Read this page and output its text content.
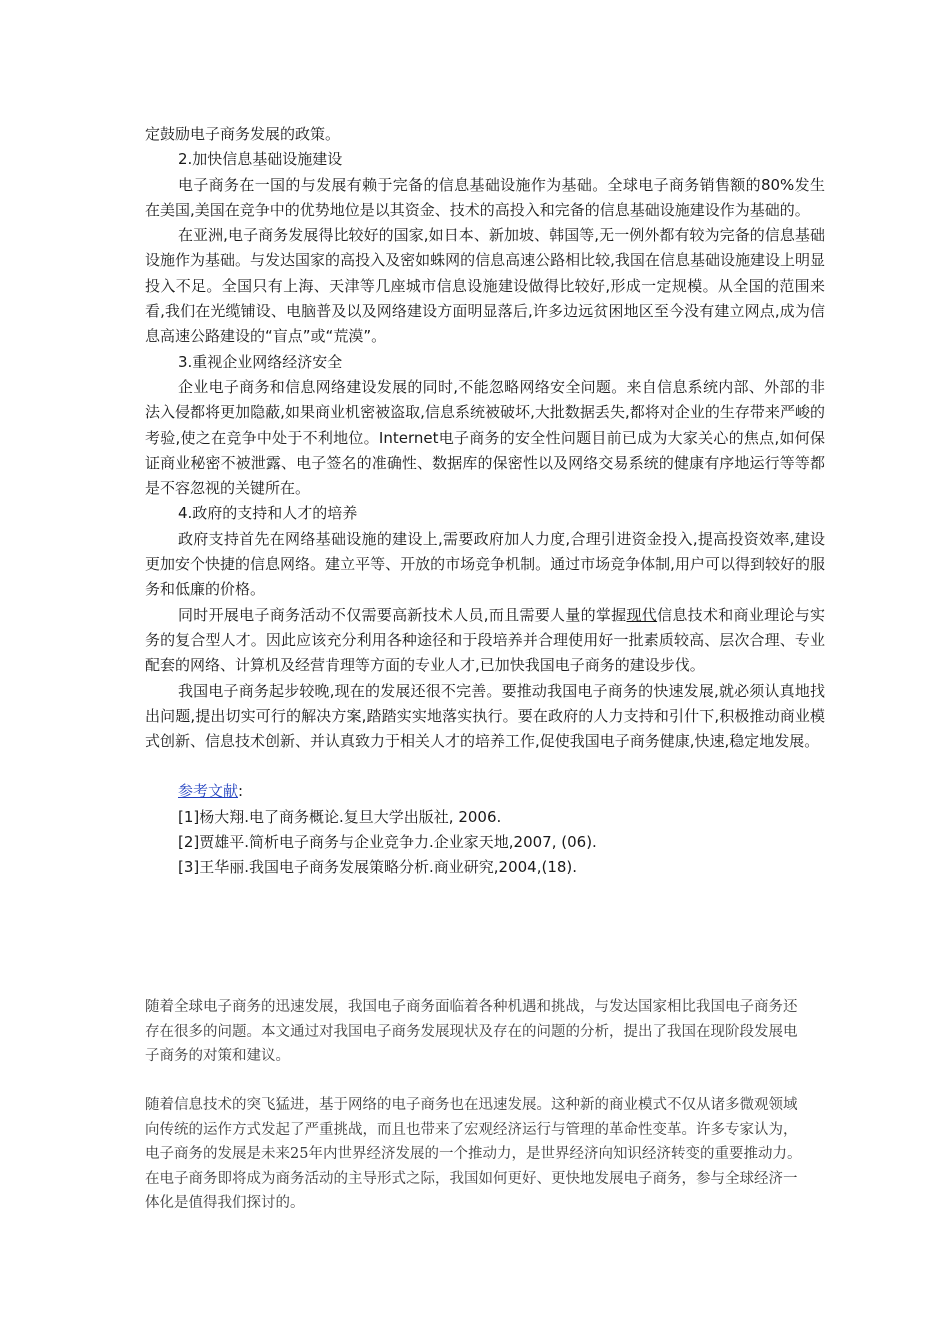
定鼓励电子商务发展的政策。

2.加快信息基础设施建设

电子商务在一国的与发展有赖于完备的信息基础设施作为基础。全球电子商务销售额的80%发生在美国,美国在竞争中的优势地位是以其资金、技术的高投入和完备的信息基础设施建设作为基础的。

在亚洲,电子商务发展得比较好的国家,如日本、新加坡、韩国等,无一例外都有较为完备的信息基础设施作为基础。与发达国家的高投入及密如蛛网的信息高速公路相比较,我国在信息基础设施建设上明显投入不足。全国只有上海、天津等几座城市信息设施建设做得比较好,形成一定规模。从全国的范围来看,我们在光缆铺设、电脑普及以及网络建设方面明显落后,许多边远贫困地区至今没有建立网点,成为信息高速公路建设的“盲点”或“荒漠”。

3.重视企业网络经济安全

企业电子商务和信息网络建设发展的同时,不能忽略网络安全问题。来自信息系统内部、外部的非法入侵都将更加隐蔽,如果商业机密被盗取,信息系统被破坏,大批数据丢失,都将对企业的生存带来严峻的考验,使之在竞争中处于不利地位。Internet电子商务的安全性问题目前已成为大家关心的焦点,如何保证商业秘密不被泄露、电子签名的准确性、数据库的保密性以及网络交易系统的健康有序地运行等等都是不容忽视的关键所在。

4.政府的支持和人才的培养

政府支持首先在网络基础设施的建设上,需要政府加人力度,合理引进资金投入,提高投资效率,建设更加安个快捷的信息网络。建立平等、开放的市场竞争机制。通过市场竞争体制,用户可以得到较好的服务和低廉的价格。

同时开展电子商务活动不仅需要高新技术人员,而且需要人量的掌握现代信息技术和商业理论与实务的复合型人才。因此应该充分利用各种途径和于段培养并合理使用好一批素质较高、层次合理、专业配套的网络、计算机及经营肯理等方面的专业人才,已加快我国电子商务的建设步伐。

我国电子商务起步较晚,现在的发展还很不完善。要推动我国电子商务的快速发展,就必须认真地找出问题,提出切实可行的解决方案,踏踏实实地落实执行。要在政府的人力支持和引什下,积极推动商业模式创新、信息技术创新、并认真致力于相关人才的培养工作,促使我国电子商务健康,快速,稳定地发展。

参考文献:

[1]杨大翔.电了商务概论.复旦大学出版社, 2006.

[2]贾雄平.简析电子商务与企业竞争力.企业家天地,2007, (06).

[3]王华丽.我国电子商务发展策略分析.商业研究,2004,(18).

随着全球电子商务的迅速发展，我国电子商务面临着各种机遇和挑战，与发达国家相比我国电子商务还存在很多的问题。本文通过对我国电子商务发展现状及存在的问题的分析，提出了我国在现阶段发展电子商务的对策和建议。

随着信息技术的突飞猛进，基于网络的电子商务也在迅速发展。这种新的商业模式不仅从诸多微观领域向传统的运作方式发起了严重挑战，而且也带来了宏观经济运行与管理的革命性变革。许多专家认为，电子商务的发展是未来25年内世界经济发展的一个推动力，是世界经济向知识经济转变的重要推动力。在电子商务即将成为商务活动的主导形式之际，我国如何更好、更快地发展电子商务，参与全球经济一体化是值得我们探讨的。
